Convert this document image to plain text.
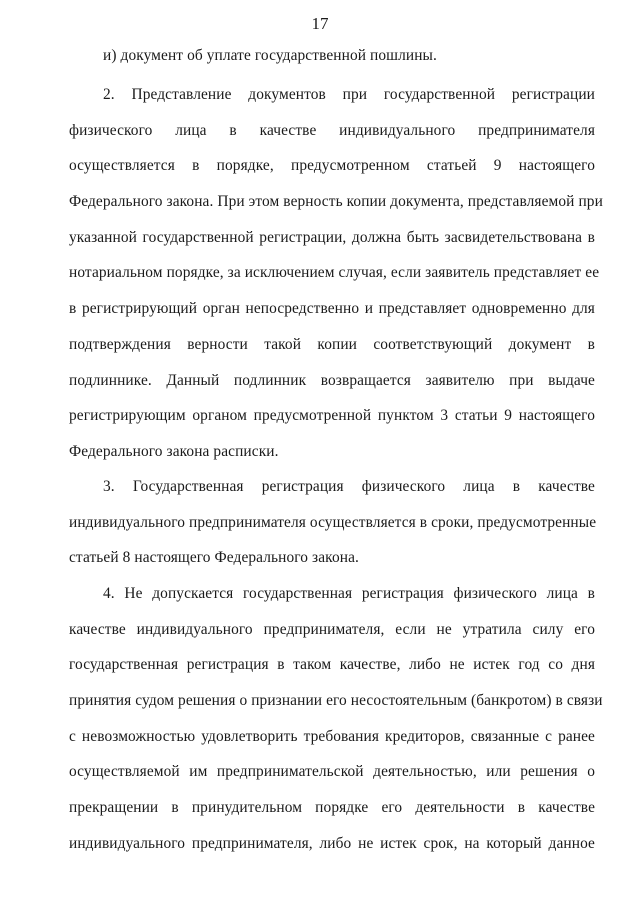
17
и) документ об уплате государственной пошлины.
2. Представление документов при государственной регистрации
физического лица в качестве индивидуального предпринимателя
осуществляется в порядке, предусмотренном статьей 9 настоящего
Федерального закона. При этом верность копии документа, представляемой при
указанной государственной регистрации, должна быть засвидетельствована в
нотариальном порядке, за исключением случая, если заявитель представляет ее
в регистрирующий орган непосредственно и представляет одновременно для
подтверждения верности такой копии соответствующий документ в
подлиннике. Данный подлинник возвращается заявителю при выдаче
регистрирующим органом предусмотренной пунктом 3 статьи 9 настоящего
Федерального закона расписки.
3. Государственная регистрация физического лица в качестве
индивидуального предпринимателя осуществляется в сроки, предусмотренные
статьей 8 настоящего Федерального закона.
4. Не допускается государственная регистрация физического лица в
качестве индивидуального предпринимателя, если не утратила силу его
государственная регистрация в таком качестве, либо не истек год со дня
принятия судом решения о признании его несостоятельным (банкротом) в связи
с невозможностью удовлетворить требования кредиторов, связанные с ранее
осуществляемой им предпринимательской деятельностью, или решения о
прекращении в принудительном порядке его деятельности в качестве
индивидуального предпринимателя, либо не истек срок, на который данное
